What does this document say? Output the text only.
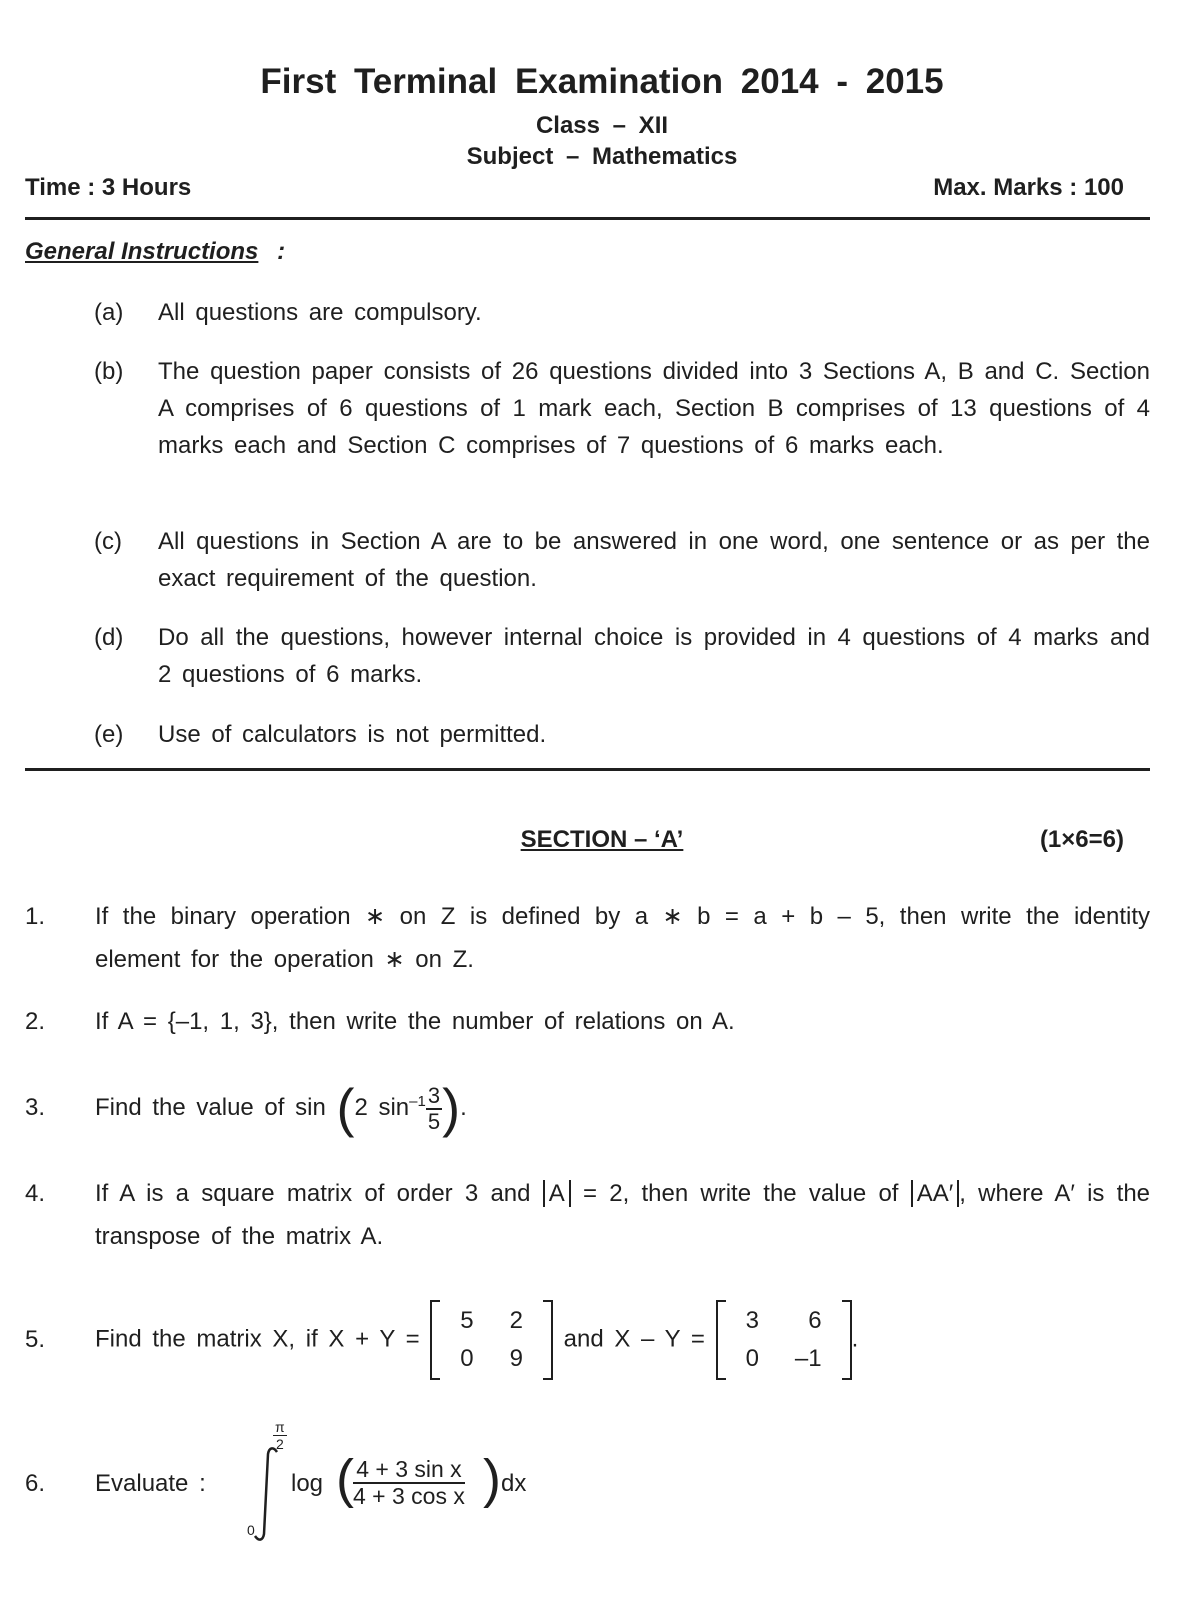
First Terminal Examination 2014 - 2015
Class – XII
Subject – Mathematics
Time : 3 Hours	Max. Marks : 100
General Instructions :
(a) All questions are compulsory.
(b) The question paper consists of 26 questions divided into 3 Sections A, B and C. Section A comprises of 6 questions of 1 mark each, Section B comprises of 13 questions of 4 marks each and Section C comprises of 7 questions of 6 marks each.
(c) All questions in Section A are to be answered in one word, one sentence or as per the exact requirement of the question.
(d) Do all the questions, however internal choice is provided in 4 questions of 4 marks and 2 questions of 6 marks.
(e) Use of calculators is not permitted.
SECTION – ‘A’	(1×6=6)
1. If the binary operation ∗ on Z is defined by a ∗ b = a + b – 5, then write the identity element for the operation ∗ on Z.
2. If A = {–1, 1, 3}, then write the number of relations on A.
3. Find the value of sin (2 $\sin^{-1} \frac{3}{5}$ ).
4. If A is a square matrix of order 3 and A = 2, then write the value of AA′ , where A′ is the transpose of the matrix A.
5. Find the matrix X, if X + Y =
5	2
0	9
and X – Y =
3	6
0	–1
.
6. Evaluate :
$\frac{\pi}{2}$
0
log ( $\frac{\text{4 + 3 sin x}}{\text{4 + 3 cos x}}$ ) dx
